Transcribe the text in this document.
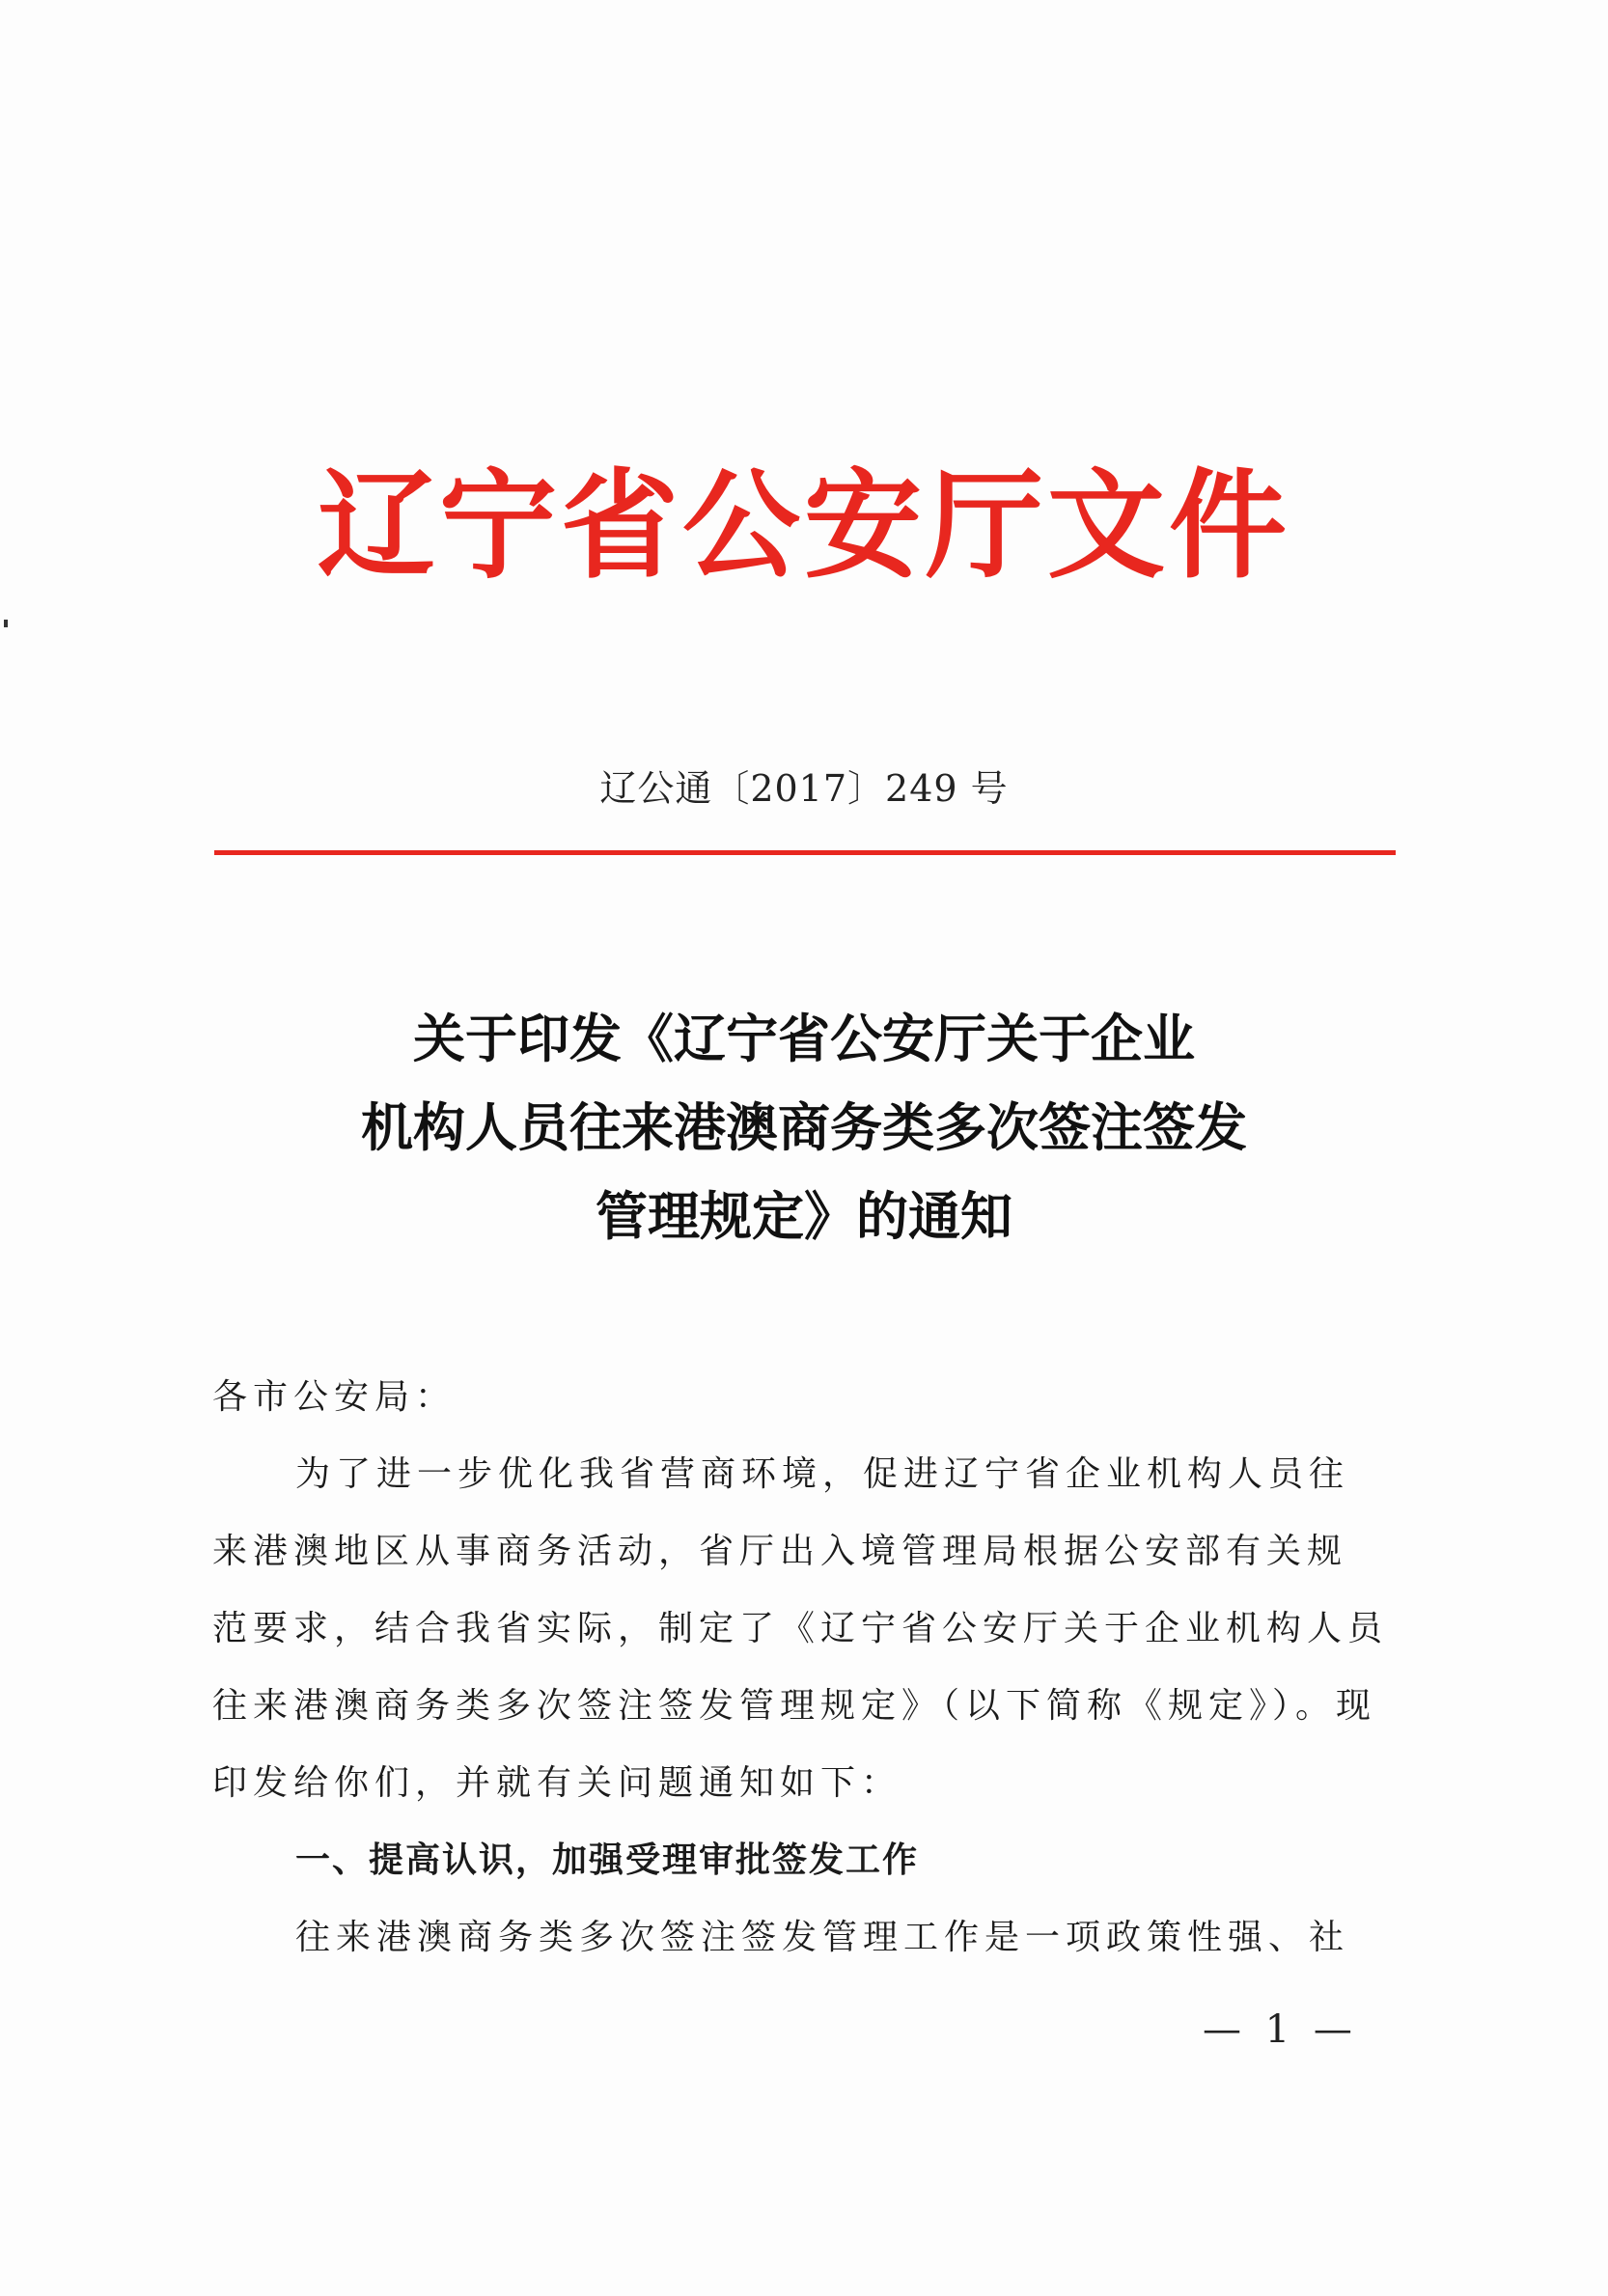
辽宁省公安厅文件
辽公通〔2017〕249 号
关于印发《辽宁省公安厅关于企业
机构人员往来港澳商务类多次签注签发
管理规定》的通知

各市公安局：

为了进一步优化我省营商环境，促进辽宁省企业机构人员往

来港澳地区从事商务活动，省厅出入境管理局根据公安部有关规

范要求，结合我省实际，制定了《辽宁省公安厅关于企业机构人员

往来港澳商务类多次签注签发管理规定》（以下简称《规定》）。现

印发给你们，并就有关问题通知如下：

一、提高认识，加强受理审批签发工作

往来港澳商务类多次签注签发管理工作是一项政策性强、社

— 1 —
